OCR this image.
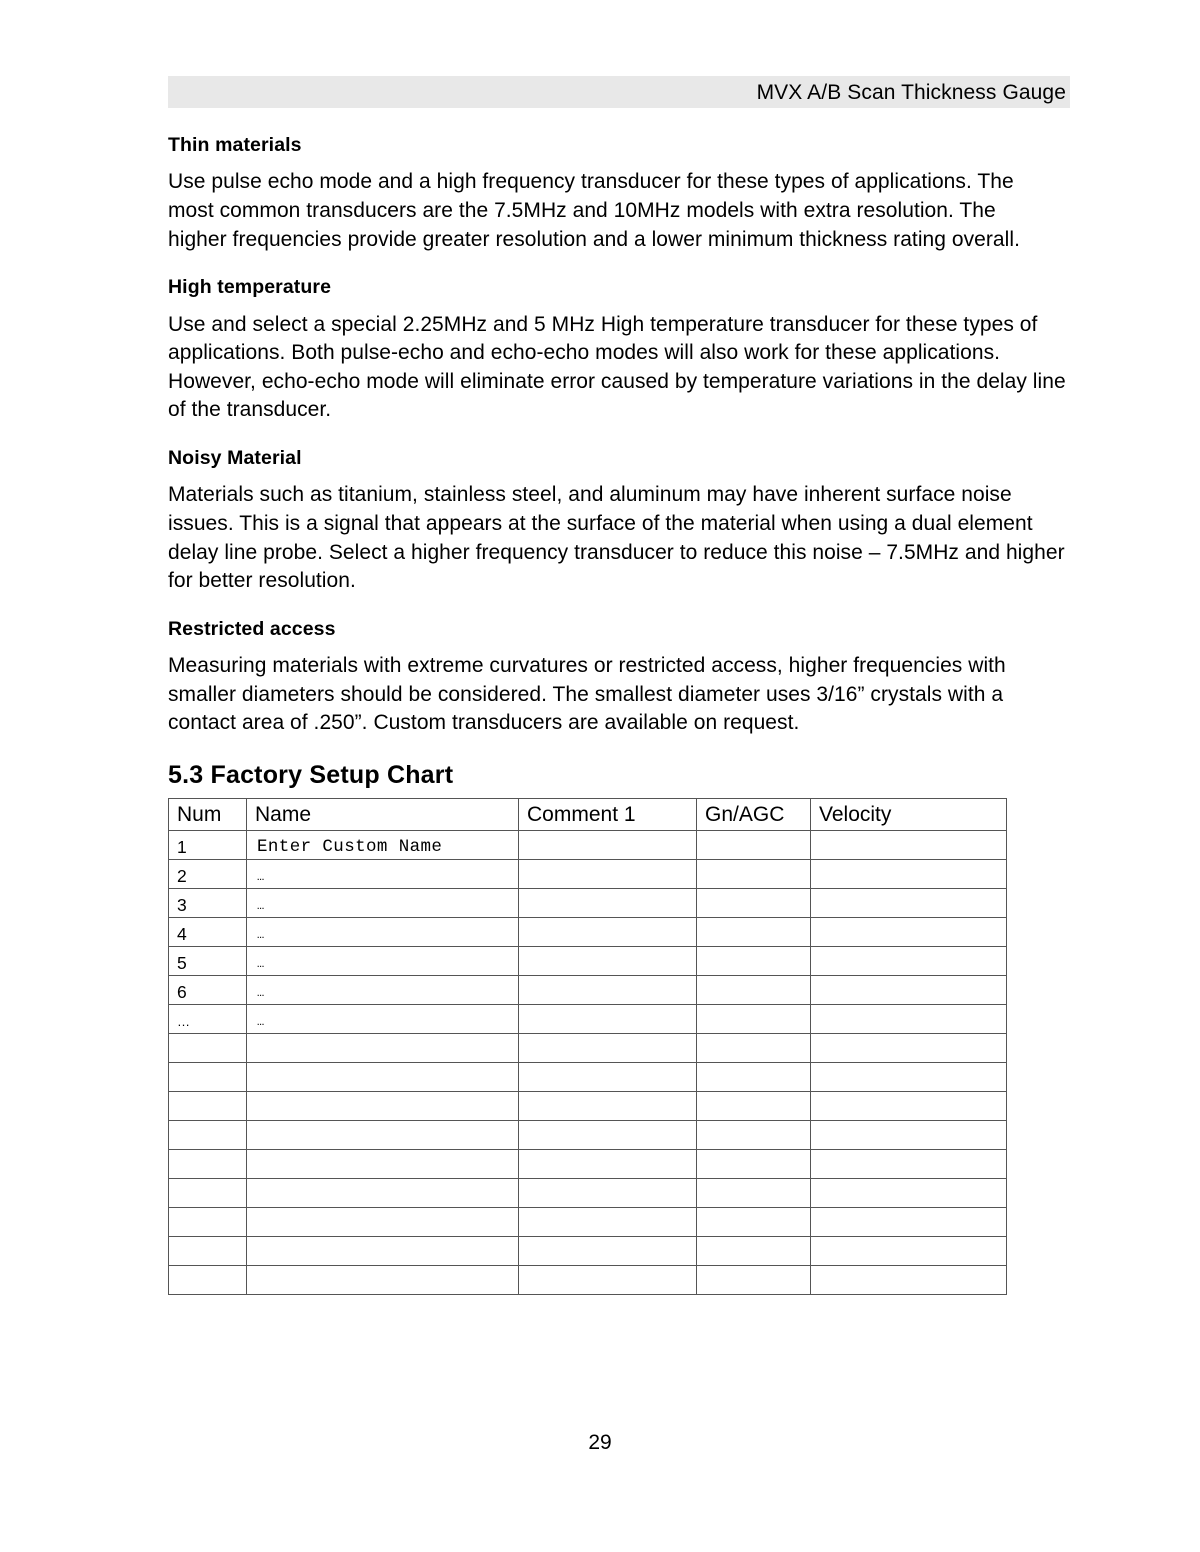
MVX A/B Scan Thickness Gauge
Thin materials

Use pulse echo mode and a high frequency transducer for these types of applications. The most common transducers are the 7.5MHz and 10MHz models with extra resolution. The higher frequencies provide greater resolution and a lower minimum thickness rating overall.

High temperature

Use and select a special 2.25MHz and 5 MHz High temperature transducer for these types of applications. Both pulse-echo and echo-echo modes will also work for these applications. However, echo-echo mode will eliminate error caused by temperature variations in the delay line of the transducer.

Noisy Material

Materials such as titanium, stainless steel, and aluminum may have inherent surface noise issues. This is a signal that appears at the surface of the material when using a dual element delay line probe. Select a higher frequency transducer to reduce this noise – 7.5MHz and higher for better resolution.

Restricted access

Measuring materials with extreme curvatures or restricted access, higher frequencies with smaller diameters should be considered. The smallest diameter uses 3/16” crystals with a contact area of .250”. Custom transducers are available on request.

5.3 Factory Setup Chart
Num	Name	Comment 1	Gn/AGC	Velocity

1	Enter Custom Name			

2	…			

3	…			

4	…			

5	…			

6	…			

…	…			

29
